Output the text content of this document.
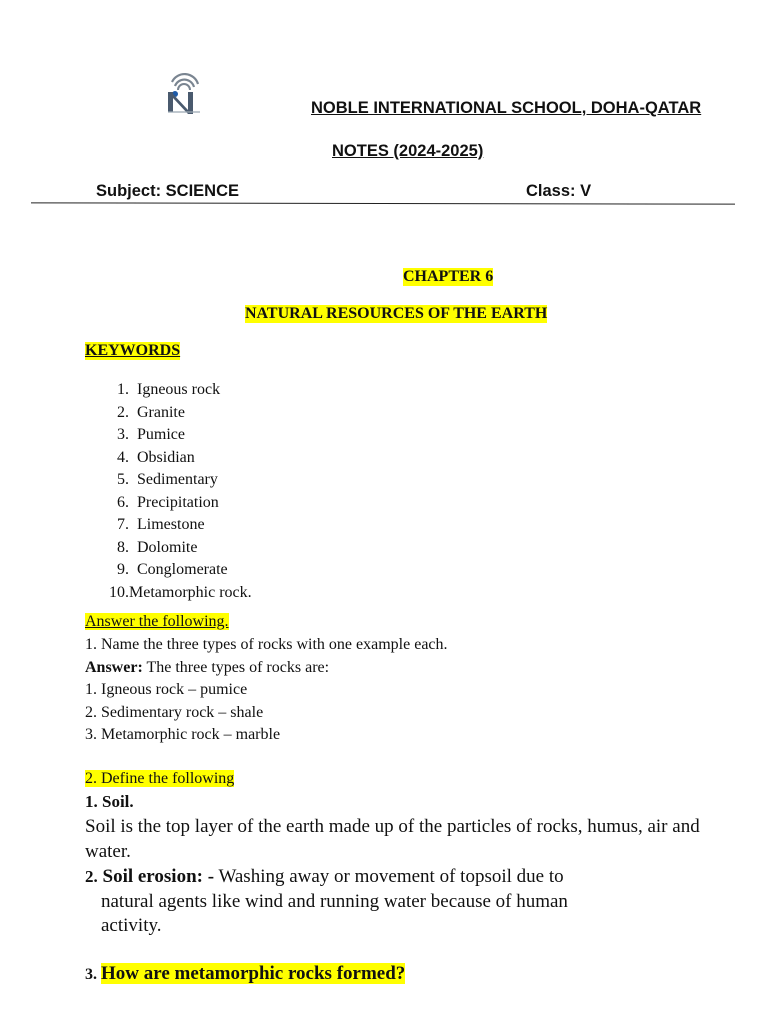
NOBLE INTERNATIONAL SCHOOL, DOHA-QATAR
NOTES (2024-2025)
Subject: SCIENCE	Class: V
CHAPTER 6
NATURAL RESOURCES OF THE EARTH
KEYWORDS
1. Igneous rock
2. Granite
3. Pumice
4. Obsidian
5. Sedimentary
6. Precipitation
7. Limestone
8. Dolomite
9. Conglomerate
10.Metamorphic rock.
Answer the following.
1. Name the three types of rocks with one example each.
Answer: The three types of rocks are:
1. Igneous rock – pumice
2. Sedimentary rock – shale
3. Metamorphic rock – marble
2. Define the following
1. Soil.
Soil is the top layer of the earth made up of the particles of rocks, humus, air and
water.
2. Soil erosion: - Washing away or movement of topsoil due to
natural agents like wind and running water because of human
activity.
3. How are metamorphic rocks formed?
